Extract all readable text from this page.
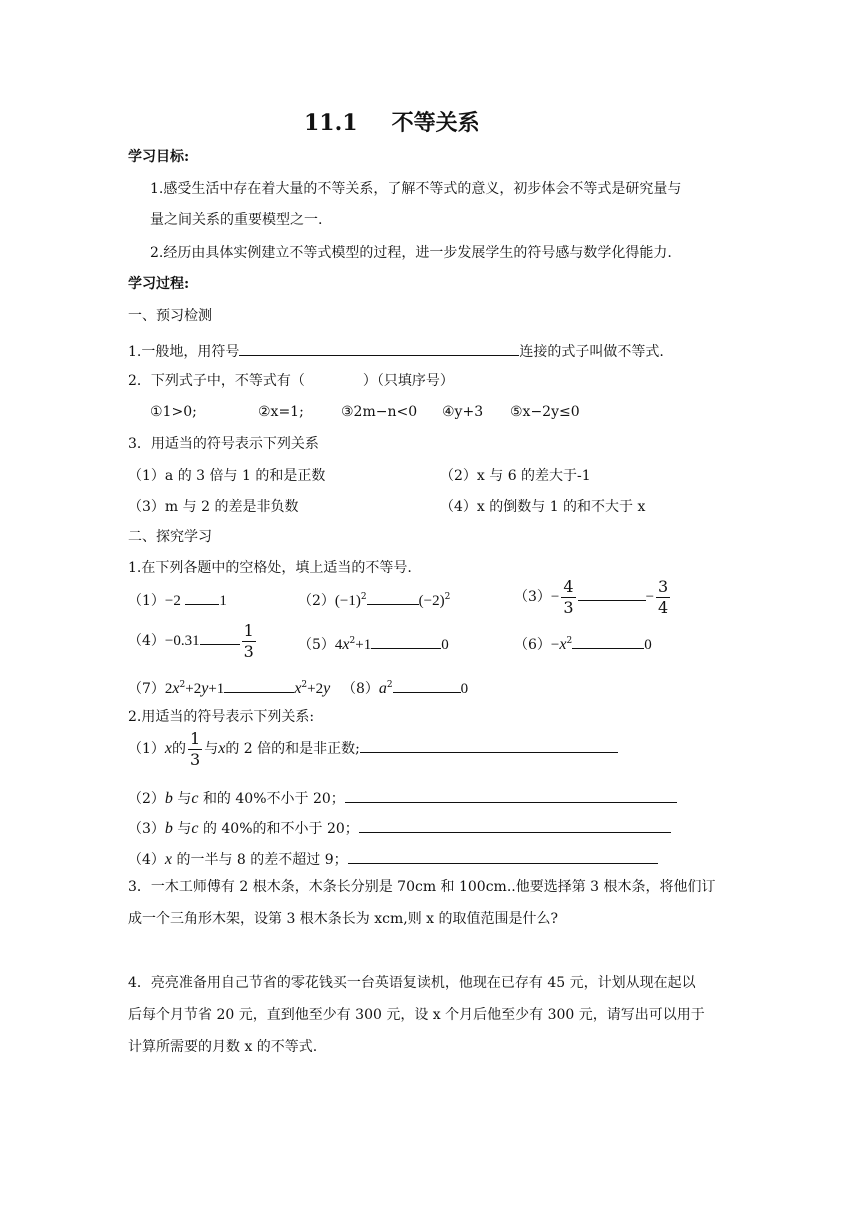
11.1 不等关系
学习目标:
1.感受生活中存在着大量的不等关系，了解不等式的意义，初步体会不等式是研究量与
量之间关系的重要模型之一.
2.经历由具体实例建立不等式模型的过程，进一步发展学生的符号感与数学化得能力.
学习过程:
一、预习检测
1.一般地，用符号	连接的式子叫做不等式.
2．下列式子中，不等式有（	）（只填序号）
①1>0;	②x=1;	③2m−n<0 ④y+3 ⑤x−2y≤0
3．用适当的符号表示下列关系
（1）a 的 3 倍与 1 的和是正数	（2）x 与 6 的差大于-1
（3）m 与 2 的差是非负数	（4）x 的倒数与 1 的和不大于 x
二、探究学习
1.在下列各题中的空格处，填上适当的不等号.
（1）−2	1	$(2)(-1)^2$	$(-2)^2$	$(3)- \frac{4}{3}$	− $\frac{3}{4}$
（4）−0.31	$\frac{1}{3}$	$(5)4x^2+1$	0	$(6)-x^2$	0
$(7)2x^2+2y+1$	$x^2+2y$ $(8)a^2$	0
2.用适当的符号表示下列关系:
（1）x的 $\frac{1}{3}$ 与x的 2 倍的和是非正数;
（2）b 与c 和的 40%不小于 20；
（3）b 与c 的 40%的和不小于 20；
（4）x 的一半与 8 的差不超过 9；
3．一木工师傅有 2 根木条，木条长分别是 70cm 和 100cm..他要选择第 3 根木条，将他们订
成一个三角形木架，设第 3 根木条长为 xcm,则 x 的取值范围是什么?
4．亮亮准备用自己节省的零花钱买一台英语复读机，他现在已存有 45 元，计划从现在起以
后每个月节省 20 元，直到他至少有 300 元，设 x 个月后他至少有 300 元，请写出可以用于
计算所需要的月数 x 的不等式.
